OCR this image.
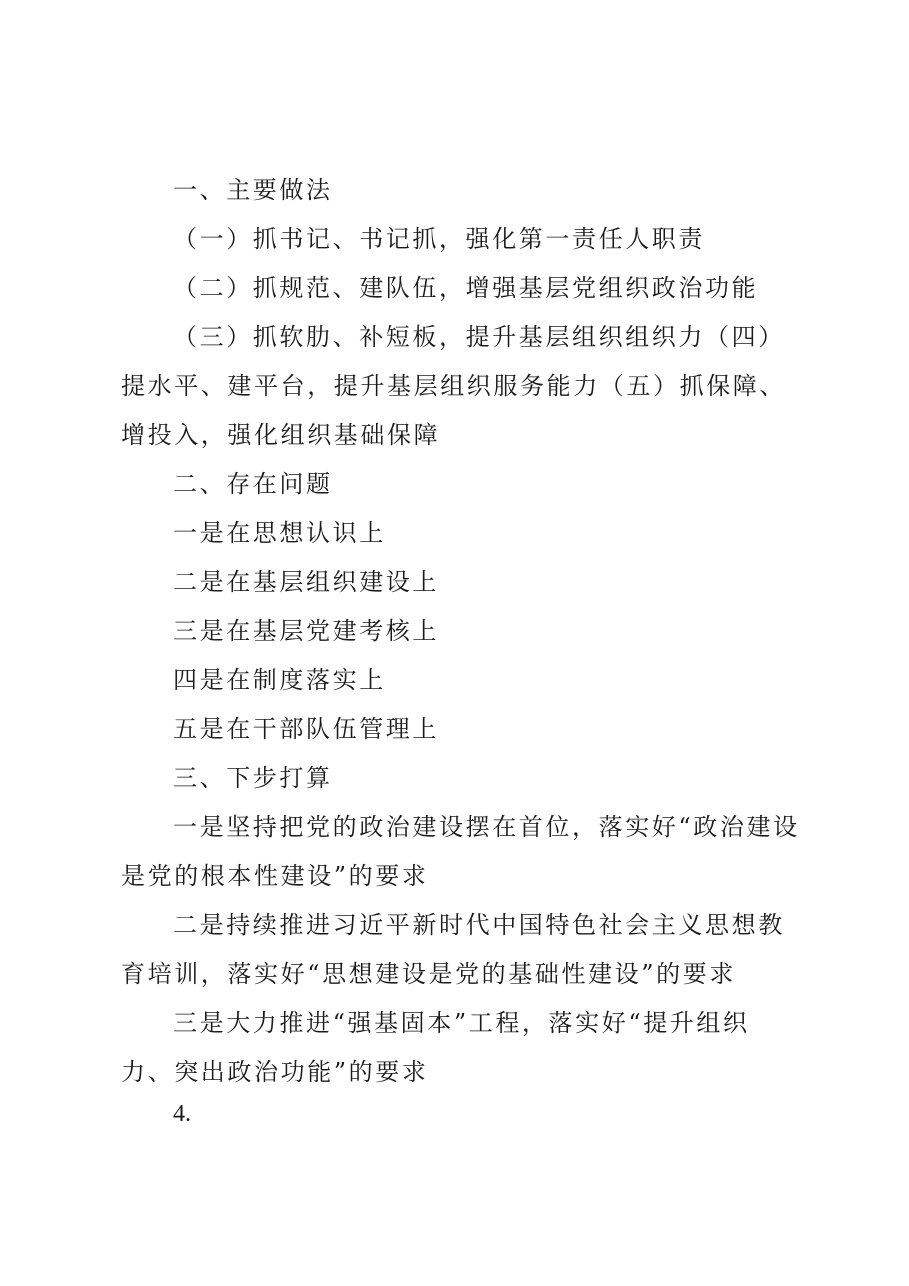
一、主要做法

（一）抓书记、书记抓，强化第一责任人职责

（二）抓规范、建队伍，增强基层党组织政治功能

（三）抓软肋、补短板，提升基层组织组织力（四）提水平、建平台，提升基层组织服务能力（五）抓保障、增投入，强化组织基础保障

二、存在问题

一是在思想认识上

二是在基层组织建设上

三是在基层党建考核上

四是在制度落实上

五是在干部队伍管理上

三、下步打算

一是坚持把党的政治建设摆在首位，落实好“政治建设是党的根本性建设”的要求

二是持续推进习近平新时代中国特色社会主义思想教育培训，落实好“思想建设是党的基础性建设”的要求

三是大力推进“强基固本”工程，落实好“提升组织力、突出政治功能”的要求

4.
